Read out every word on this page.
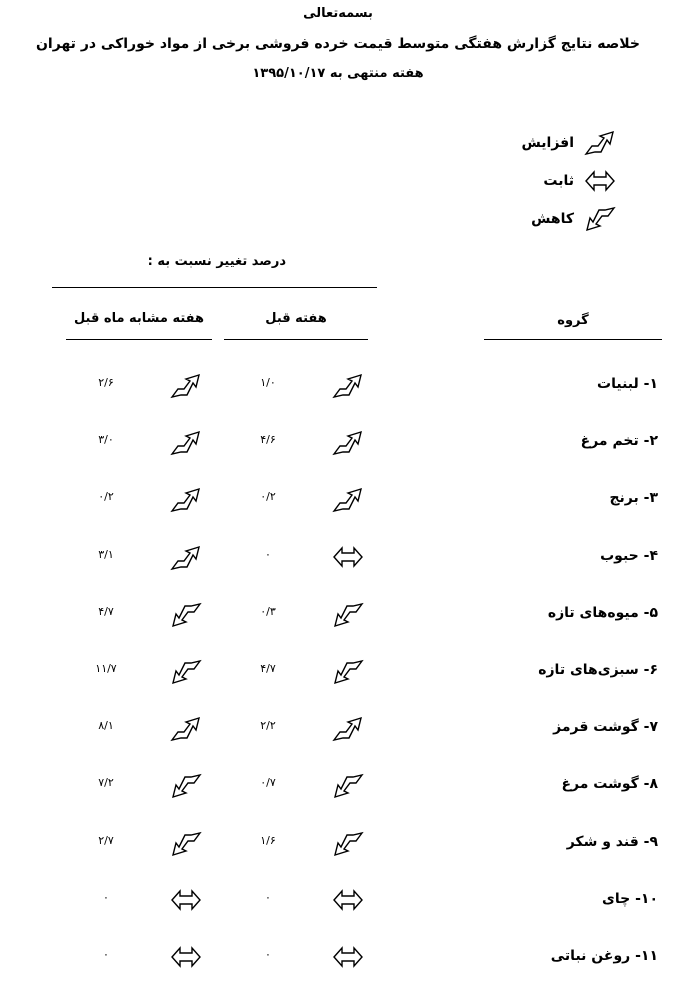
بسمه‌تعالی
خلاصه نتایج گزارش هفتگی متوسط قیمت خرده فروشی برخی از مواد خوراکی در تهران
هفته منتهی به ۱۳۹۵/۱۰/۱۷
افزایش
ثابت
کاهش
درصد تغییر نسبت به :
گروه
هفته قبل
هفته مشابه ماه قبل
۱- لبنیات
۱/۰
۲/۶
۲- تخم مرغ
۴/۶
۳/۰
۳- برنج
۰/۲
۰/۲
۴- حبوب
۰
۳/۱
۵- میوه‌های تازه
۰/۳
۴/۷
۶- سبزی‌های تازه
۴/۷
۱۱/۷
۷- گوشت قرمز
۲/۲
۸/۱
۸- گوشت مرغ
۰/۷
۷/۲
۹- قند و شکر
۱/۶
۲/۷
۱۰- چای
۰
۰
۱۱- روغن نباتی
۰
۰
